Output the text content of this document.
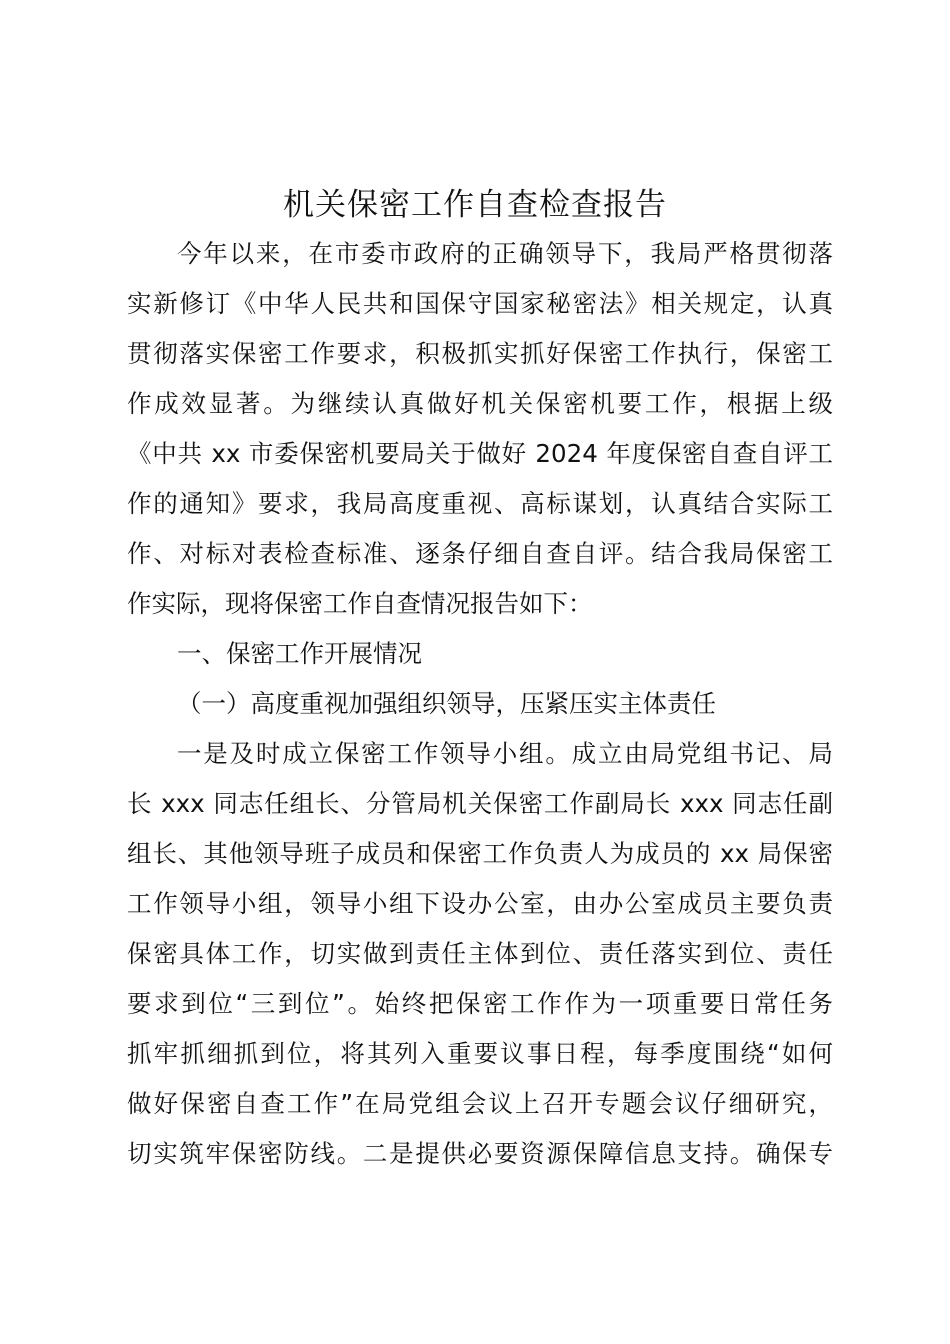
机关保密工作自查检查报告
今年以来，在市委市政府的正确领导下，我局严格贯彻落
实新修订《中华人民共和国保守国家秘密法》相关规定，认真
贯彻落实保密工作要求，积极抓实抓好保密工作执行，保密工
作成效显著。为继续认真做好机关保密机要工作，根据上级
《中共 xx 市委保密机要局关于做好 2024 年度保密自查自评工
作的通知》要求，我局高度重视、高标谋划，认真结合实际工
作、对标对表检查标准、逐条仔细自查自评。结合我局保密工
作实际，现将保密工作自查情况报告如下：
一、保密工作开展情况
（一）高度重视加强组织领导，压紧压实主体责任
一是及时成立保密工作领导小组。成立由局党组书记、局
长 xxx 同志任组长、分管局机关保密工作副局长 xxx 同志任副
组长、其他领导班子成员和保密工作负责人为成员的 xx 局保密
工作领导小组，领导小组下设办公室，由办公室成员主要负责
保密具体工作，切实做到责任主体到位、责任落实到位、责任
要求到位“三到位”。始终把保密工作作为一项重要日常任务
抓牢抓细抓到位，将其列入重要议事日程，每季度围绕“如何
做好保密自查工作”在局党组会议上召开专题会议仔细研究，
切实筑牢保密防线。二是提供必要资源保障信息支持。确保专
